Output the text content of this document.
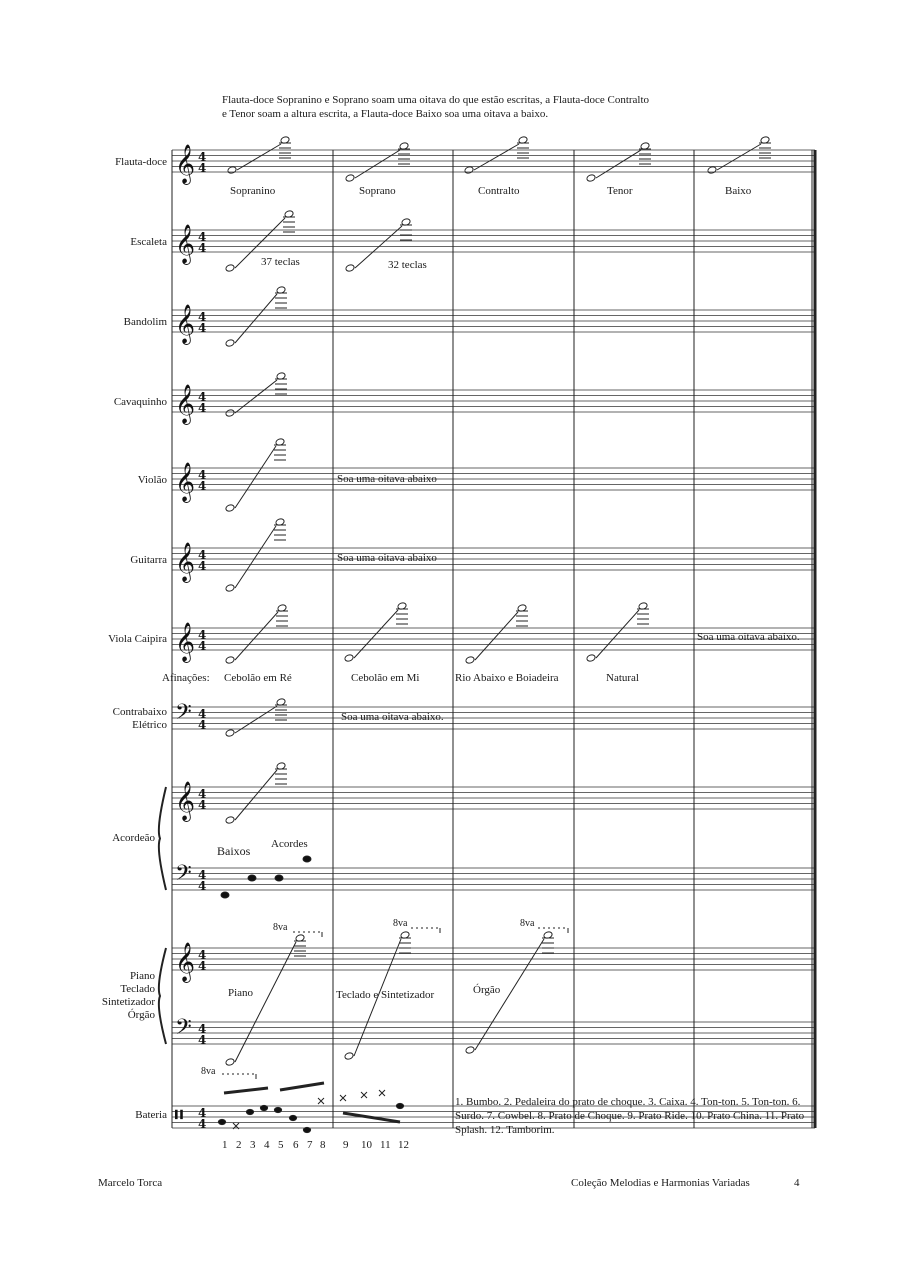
𝄞 4
4
𝄞 4
4
𝄞 4
4
𝄞 4
4
𝄞 4
4
𝄞 4
4
𝄞 4
4
𝄢 4
4
𝄞 4
4
𝄢 4
4
𝄞 4
4
𝄢 4
4
𝄥 4
4
Flauta-doce Sopranino e Soprano soam uma oitava do que estão escritas, a Flauta-doce Contralto
e Tenor soam a altura escrita, a Flauta-doce Baixo soa uma oitava a baixo.
Flauta-doce
Escaleta
Bandolim
Cavaquinho
Violão
Guitarra
Viola Caipira
Contrabaixo
Elétrico
Acordeão
Piano
Teclado
Sintetizador
Órgão
Bateria
Sopranino	Soprano	Contralto	Tenor	Baixo
37 teclas	32 teclas
Soa uma oitava abaixo
Soa uma oitava abaixo
Soa uma oitava abaixo.
Soa uma oitava abaixo.
Afinações: Cebolão em Ré	Cebolão em Mi	Rio Abaixo e Boiadeira	Natural
Baixos Acordes
Piano	Teclado e Sintetizador	Órgão
8va	8va	8va
8va
1 2 3 4 5 6 7 8 9 10 11 12
1. Bumbo. 2. Pedaleira do prato de choque. 3. Caixa. 4. Ton-ton. 5. Ton-ton. 6. Surdo. 7. Cowbel. 8. Prato de Choque. 9. Prato Ride. 10. Prato China. 11. Prato Splash. 12. Tamborim.
Marcelo Torca	Coleção Melodias e Harmonias Variadas	4
